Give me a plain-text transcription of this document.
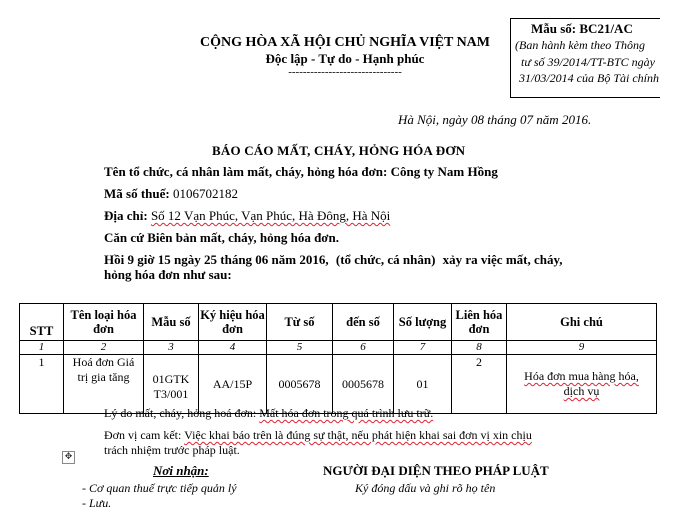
CỘNG HÒA XÃ HỘI CHỦ NGHĨA VIỆT NAM
Độc lập - Tự do - Hạnh phúc
-------------------------------
Mẫu số: BC21/AC
(Ban hành kèm theo Thông
tư số 39/2014/TT-BTC ngày
31/03/2014 của Bộ Tài chính
Hà Nội, ngày 08 tháng 07 năm 2016.
BÁO CÁO MẤT, CHÁY, HỎNG HÓA ĐƠN
Tên tổ chức, cá nhân làm mất, cháy, hỏng hóa đơn: Công ty Nam Hồng
Mã số thuế: 0106702182
Địa chỉ: Số 12 Vạn Phúc, Vạn Phúc, Hà Đông, Hà Nội
Căn cứ Biên bản mất, cháy, hỏng hóa đơn.
Hồi 9 giờ 15 ngày 25 tháng 06 năm 2016, (tổ chức, cá nhân) xảy ra việc mất, cháy,
hỏng hóa đơn như sau:
STT	Tên loại hóa đơn	Mẫu số	Ký hiệu hóa đơn	Từ số	đến số	Số lượng	Liên hóa đơn	Ghi chú
1	2	3	4	5	6	7	8	9
1	Hoá đơn Giá trị gia tăng	01GTK T3/001	AA/15P	0005678	0005678	01	2	Hóa đơn mua hàng hóa, dịch vụ
Lý do mất, cháy, hỏng hoá đơn: Mất hóa đơn trong quá trình lưu trữ.
Đơn vị cam kết: Việc khai báo trên là đúng sự thật, nếu phát hiện khai sai đơn vị xin chịu
trách nhiệm trước pháp luật.
✥
Nơi nhận:
- Cơ quan thuế trực tiếp quản lý
- Lưu.
NGƯỜI ĐẠI DIỆN THEO PHÁP LUẬT
Ký đóng dấu và ghi rõ họ tên
